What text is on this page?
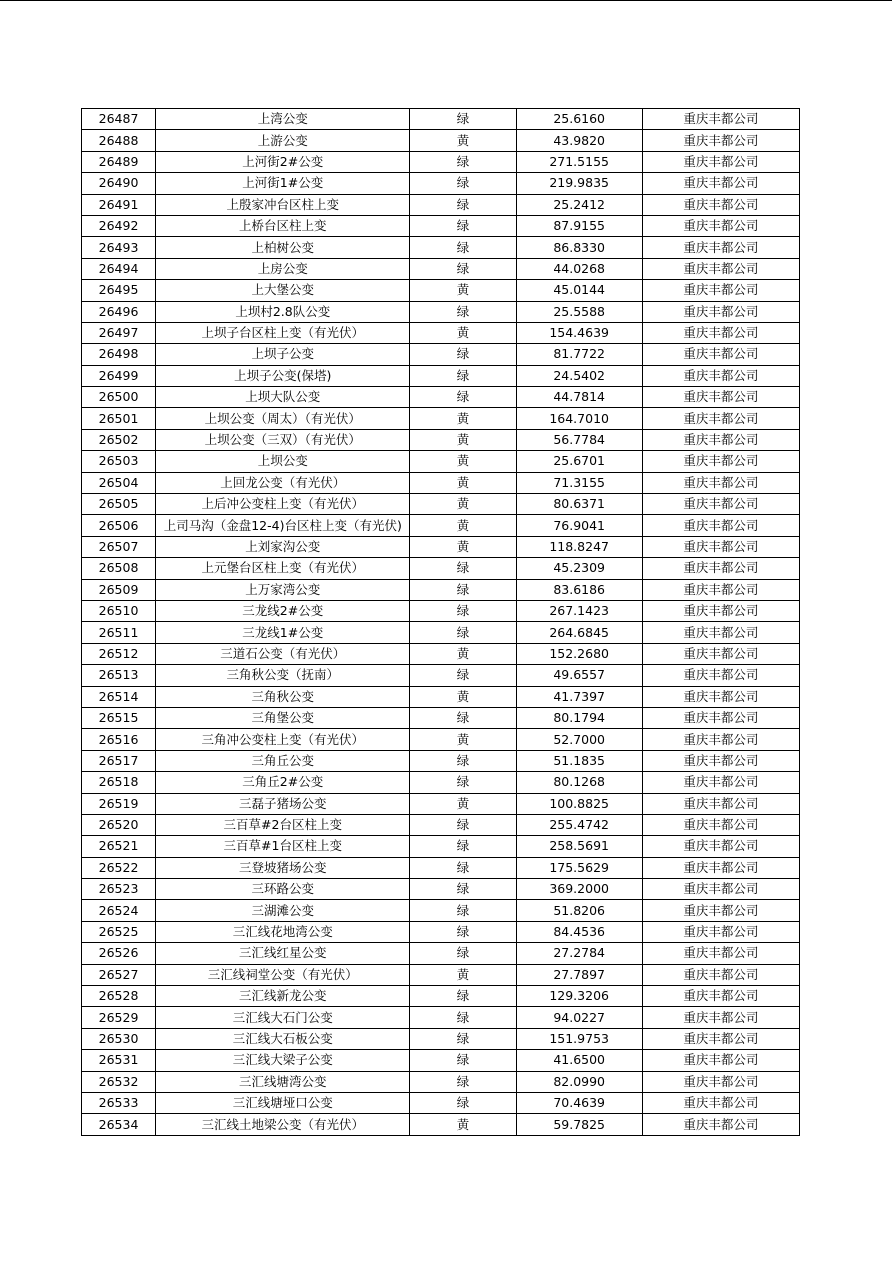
26487	上湾公变	绿	25.6160	重庆丰都公司
26488	上游公变	黄	43.9820	重庆丰都公司
26489	上河街2#公变	绿	271.5155	重庆丰都公司
26490	上河街1#公变	绿	219.9835	重庆丰都公司
26491	上殷家冲台区柱上变	绿	25.2412	重庆丰都公司
26492	上桥台区柱上变	绿	87.9155	重庆丰都公司
26493	上柏树公变	绿	86.8330	重庆丰都公司
26494	上房公变	绿	44.0268	重庆丰都公司
26495	上大堡公变	黄	45.0144	重庆丰都公司
26496	上坝村2.8队公变	绿	25.5588	重庆丰都公司
26497	上坝子台区柱上变（有光伏）	黄	154.4639	重庆丰都公司
26498	上坝子公变	绿	81.7722	重庆丰都公司
26499	上坝子公变(保塔)	绿	24.5402	重庆丰都公司
26500	上坝大队公变	绿	44.7814	重庆丰都公司
26501	上坝公变（周太）（有光伏）	黄	164.7010	重庆丰都公司
26502	上坝公变（三双）（有光伏）	黄	56.7784	重庆丰都公司
26503	上坝公变	黄	25.6701	重庆丰都公司
26504	上回龙公变（有光伏）	黄	71.3155	重庆丰都公司
26505	上后冲公变柱上变（有光伏）	黄	80.6371	重庆丰都公司
26506	上司马沟（金盘12-4)台区柱上变（有光伏)	黄	76.9041	重庆丰都公司
26507	上刘家沟公变	黄	118.8247	重庆丰都公司
26508	上元堡台区柱上变（有光伏）	绿	45.2309	重庆丰都公司
26509	上万家湾公变	绿	83.6186	重庆丰都公司
26510	三龙线2#公变	绿	267.1423	重庆丰都公司
26511	三龙线1#公变	绿	264.6845	重庆丰都公司
26512	三道石公变（有光伏）	黄	152.2680	重庆丰都公司
26513	三角秋公变（抚南）	绿	49.6557	重庆丰都公司
26514	三角秋公变	黄	41.7397	重庆丰都公司
26515	三角堡公变	绿	80.1794	重庆丰都公司
26516	三角冲公变柱上变（有光伏）	黄	52.7000	重庆丰都公司
26517	三角丘公变	绿	51.1835	重庆丰都公司
26518	三角丘2#公变	绿	80.1268	重庆丰都公司
26519	三磊子猪场公变	黄	100.8825	重庆丰都公司
26520	三百草#2台区柱上变	绿	255.4742	重庆丰都公司
26521	三百草#1台区柱上变	绿	258.5691	重庆丰都公司
26522	三登坡猪场公变	绿	175.5629	重庆丰都公司
26523	三环路公变	绿	369.2000	重庆丰都公司
26524	三湖滩公变	绿	51.8206	重庆丰都公司
26525	三汇线花地湾公变	绿	84.4536	重庆丰都公司
26526	三汇线红星公变	绿	27.2784	重庆丰都公司
26527	三汇线祠堂公变（有光伏）	黄	27.7897	重庆丰都公司
26528	三汇线新龙公变	绿	129.3206	重庆丰都公司
26529	三汇线大石门公变	绿	94.0227	重庆丰都公司
26530	三汇线大石板公变	绿	151.9753	重庆丰都公司
26531	三汇线大梁子公变	绿	41.6500	重庆丰都公司
26532	三汇线塘湾公变	绿	82.0990	重庆丰都公司
26533	三汇线塘垭口公变	绿	70.4639	重庆丰都公司
26534	三汇线土地梁公变（有光伏）	黄	59.7825	重庆丰都公司
